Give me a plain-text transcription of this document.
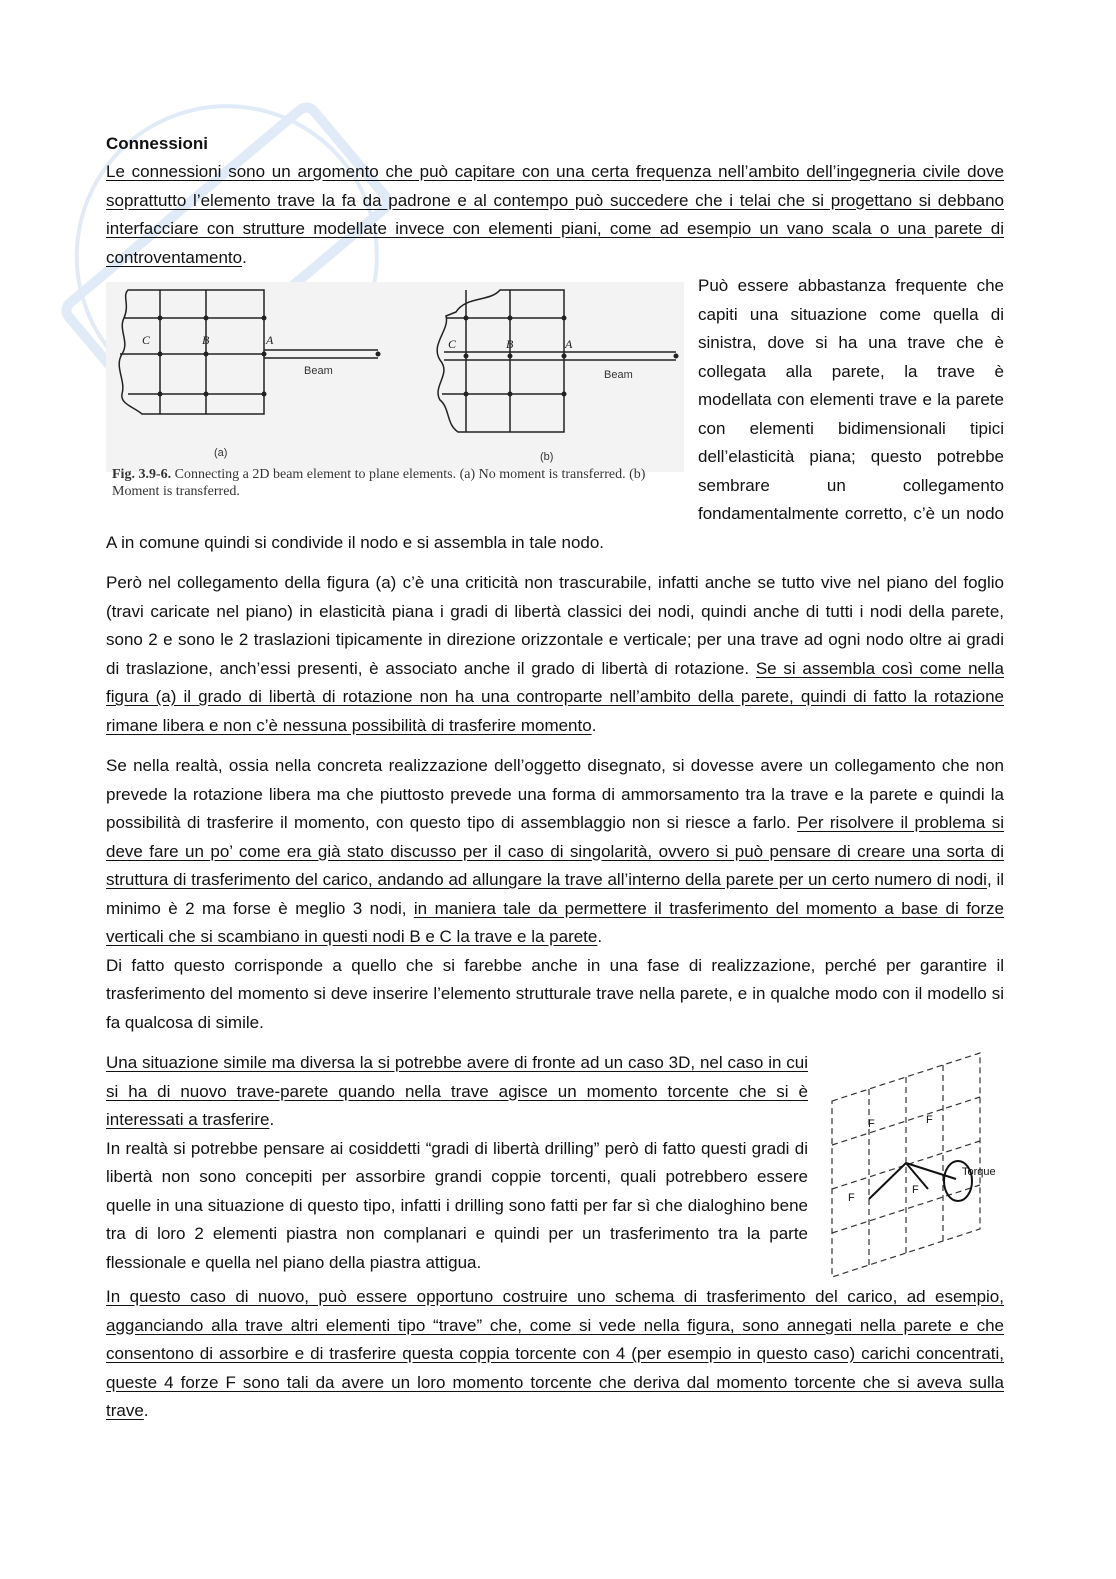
Connessioni

Le connessioni sono un argomento che può capitare con una certa frequenza nell’ambito dell’ingegneria civile dove soprattutto l’elemento trave la fa da padrone e al contempo può succedere che i telai che si progettano si debbano interfacciare con strutture modellate invece con elementi piani, come ad esempio un vano scala o una parete di controventamento.

C	B	A	C	B	A
Beam	Beam
(a)	(b)
Fig. 3.9-6. Connecting a 2D beam element to plane elements. (a) No moment is transferred. (b) Moment is transferred.

Può essere abbastanza frequente che capiti una situazione come quella di sinistra, dove si ha una trave che è collegata alla parete, la trave è modellata con elementi trave e la parete con elementi bidimensionali tipici dell’elasticità piana; questo potrebbe sembrare un collegamento fondamentalmente corretto, c’è un nodo A in comune quindi si condivide il nodo e si assembla in tale nodo.

Però nel collegamento della figura (a) c’è una criticità non trascurabile, infatti anche se tutto vive nel piano del foglio (travi caricate nel piano) in elasticità piana i gradi di libertà classici dei nodi, quindi anche di tutti i nodi della parete, sono 2 e sono le 2 traslazioni tipicamente in direzione orizzontale e verticale; per una trave ad ogni nodo oltre ai gradi di traslazione, anch’essi presenti, è associato anche il grado di libertà di rotazione. Se si assembla così come nella figura (a) il grado di libertà di rotazione non ha una controparte nell’ambito della parete, quindi di fatto la rotazione rimane libera e non c’è nessuna possibilità di trasferire momento.

Se nella realtà, ossia nella concreta realizzazione dell’oggetto disegnato, si dovesse avere un collegamento che non prevede la rotazione libera ma che piuttosto prevede una forma di ammorsamento tra la trave e la parete e quindi la possibilità di trasferire il momento, con questo tipo di assemblaggio non si riesce a farlo. Per risolvere il problema si deve fare un po’ come era già stato discusso per il caso di singolarità, ovvero si può pensare di creare una sorta di struttura di trasferimento del carico, andando ad allungare la trave all’interno della parete per un certo numero di nodi, il minimo è 2 ma forse è meglio 3 nodi, in maniera tale da permettere il trasferimento del momento a base di forze verticali che si scambiano in questi nodi B e C la trave e la parete.

Di fatto questo corrisponde a quello che si farebbe anche in una fase di realizzazione, perché per garantire il trasferimento del momento si deve inserire l’elemento strutturale trave nella parete, e in qualche modo con il modello si fa qualcosa di simile.

F	F
F
F
Torque

Una situazione simile ma diversa la si potrebbe avere di fronte ad un caso 3D, nel caso in cui si ha di nuovo trave-parete quando nella trave agisce un momento torcente che si è interessati a trasferire.

In realtà si potrebbe pensare ai cosiddetti “gradi di libertà drilling” però di fatto questi gradi di libertà non sono concepiti per assorbire grandi coppie torcenti, quali potrebbero essere quelle in una situazione di questo tipo, infatti i drilling sono fatti per far sì che dialoghino bene tra di loro 2 elementi piastra non complanari e quindi per un trasferimento tra la parte flessionale e quella nel piano della piastra attigua.

In questo caso di nuovo, può essere opportuno costruire uno schema di trasferimento del carico, ad esempio, agganciando alla trave altri elementi tipo “trave” che, come si vede nella figura, sono annegati nella parete e che consentono di assorbire e di trasferire questa coppia torcente con 4 (per esempio in questo caso) carichi concentrati, queste 4 forze F sono tali da avere un loro momento torcente che deriva dal momento torcente che si aveva sulla trave.
